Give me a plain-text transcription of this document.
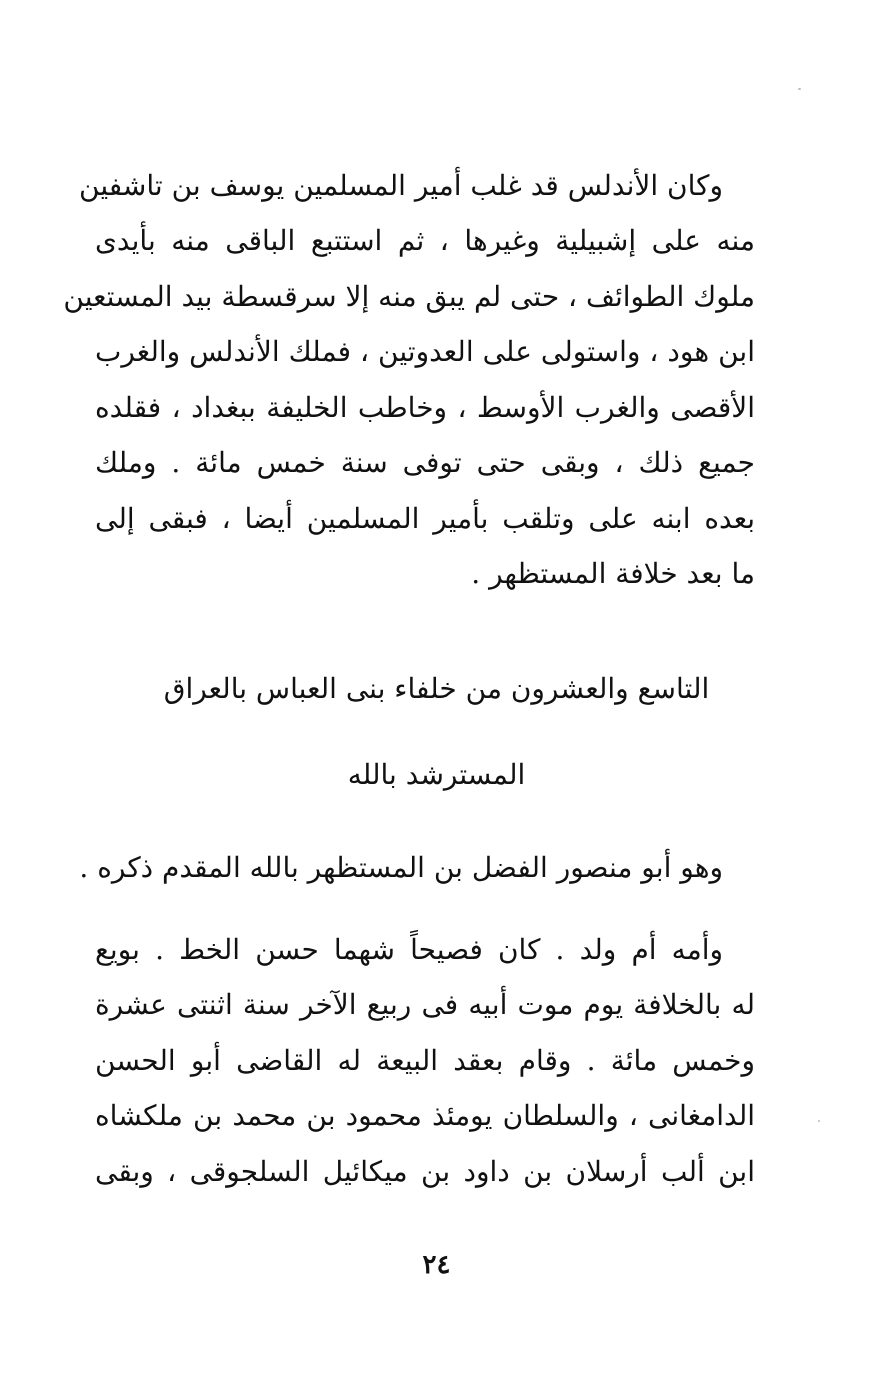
وكان الأندلس قد غلب أمير المسلمين يوسف بن تاشفين
منه على إشبيلية وغيرها ، ثم استتبع الباقى منه بأيدى
ملوك الطوائف ، حتى لم يبق منه إلا سرقسطة بيد المستعين
ابن هود ، واستولى على العدوتين ، فملك الأندلس والغرب
الأقصى والغرب الأوسط ، وخاطب الخليفة ببغداد ، فقلده
جميع ذلك ، وبقى حتى توفى سنة خمس مائة . وملك
بعده ابنه على وتلقب بأمير المسلمين أيضا ، فبقى إلى
ما بعد خلافة المستظهر .
التاسع والعشرون من خلفاء بنى العباس بالعراق
المسترشد بالله
وهو أبو منصور الفضل بن المستظهر بالله المقدم ذكره .
وأمه أم ولد . كان فصيحاً شهما حسن الخط . بويع
له بالخلافة يوم موت أبيه فى ربيع الآخر سنة اثنتى عشرة
وخمس مائة . وقام بعقد البيعة له القاضى أبو الحسن
الدامغانى ، والسلطان يومئذ محمود بن محمد بن ملكشاه
ابن ألب أرسلان بن داود بن ميكائيل السلجوقى ، وبقى
٢٤
